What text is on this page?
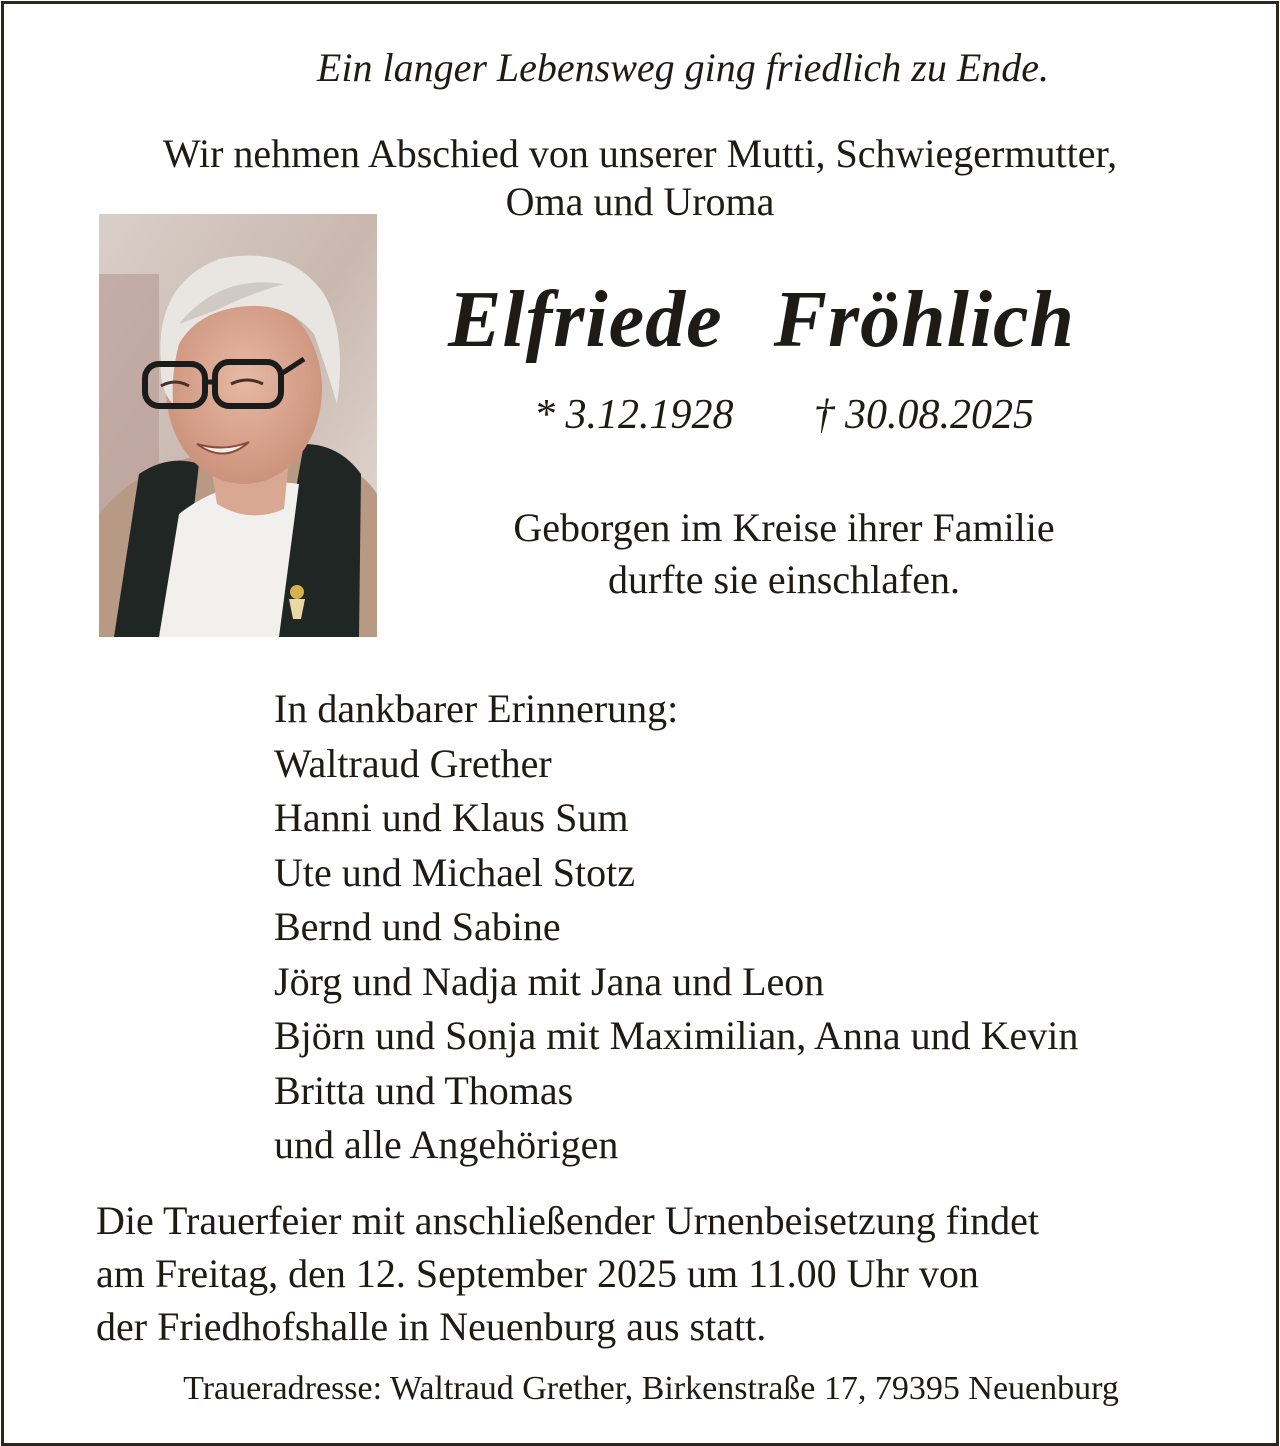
Ein langer Lebensweg ging friedlich zu Ende.

Wir nehmen Abschied von unserer Mutti, Schwiegermutter,
Oma und Uroma

Elfriede Fröhlich

* 3.12.1928 † 30.08.2025

Geborgen im Kreise ihrer Familie
durfte sie einschlafen.
In dankbarer Erinnerung:
Waltraud Grether
Hanni und Klaus Sum
Ute und Michael Stotz
Bernd und Sabine
Jörg und Nadja mit Jana und Leon
Björn und Sonja mit Maximilian, Anna und Kevin
Britta und Thomas
und alle Angehörigen
Die Trauerfeier mit anschließender Urnenbeisetzung findet
am Freitag, den 12. September 2025 um 11.00 Uhr von
der Friedhofshalle in Neuenburg aus statt.

Traueradresse: Waltraud Grether, Birkenstraße 17, 79395 Neuenburg
